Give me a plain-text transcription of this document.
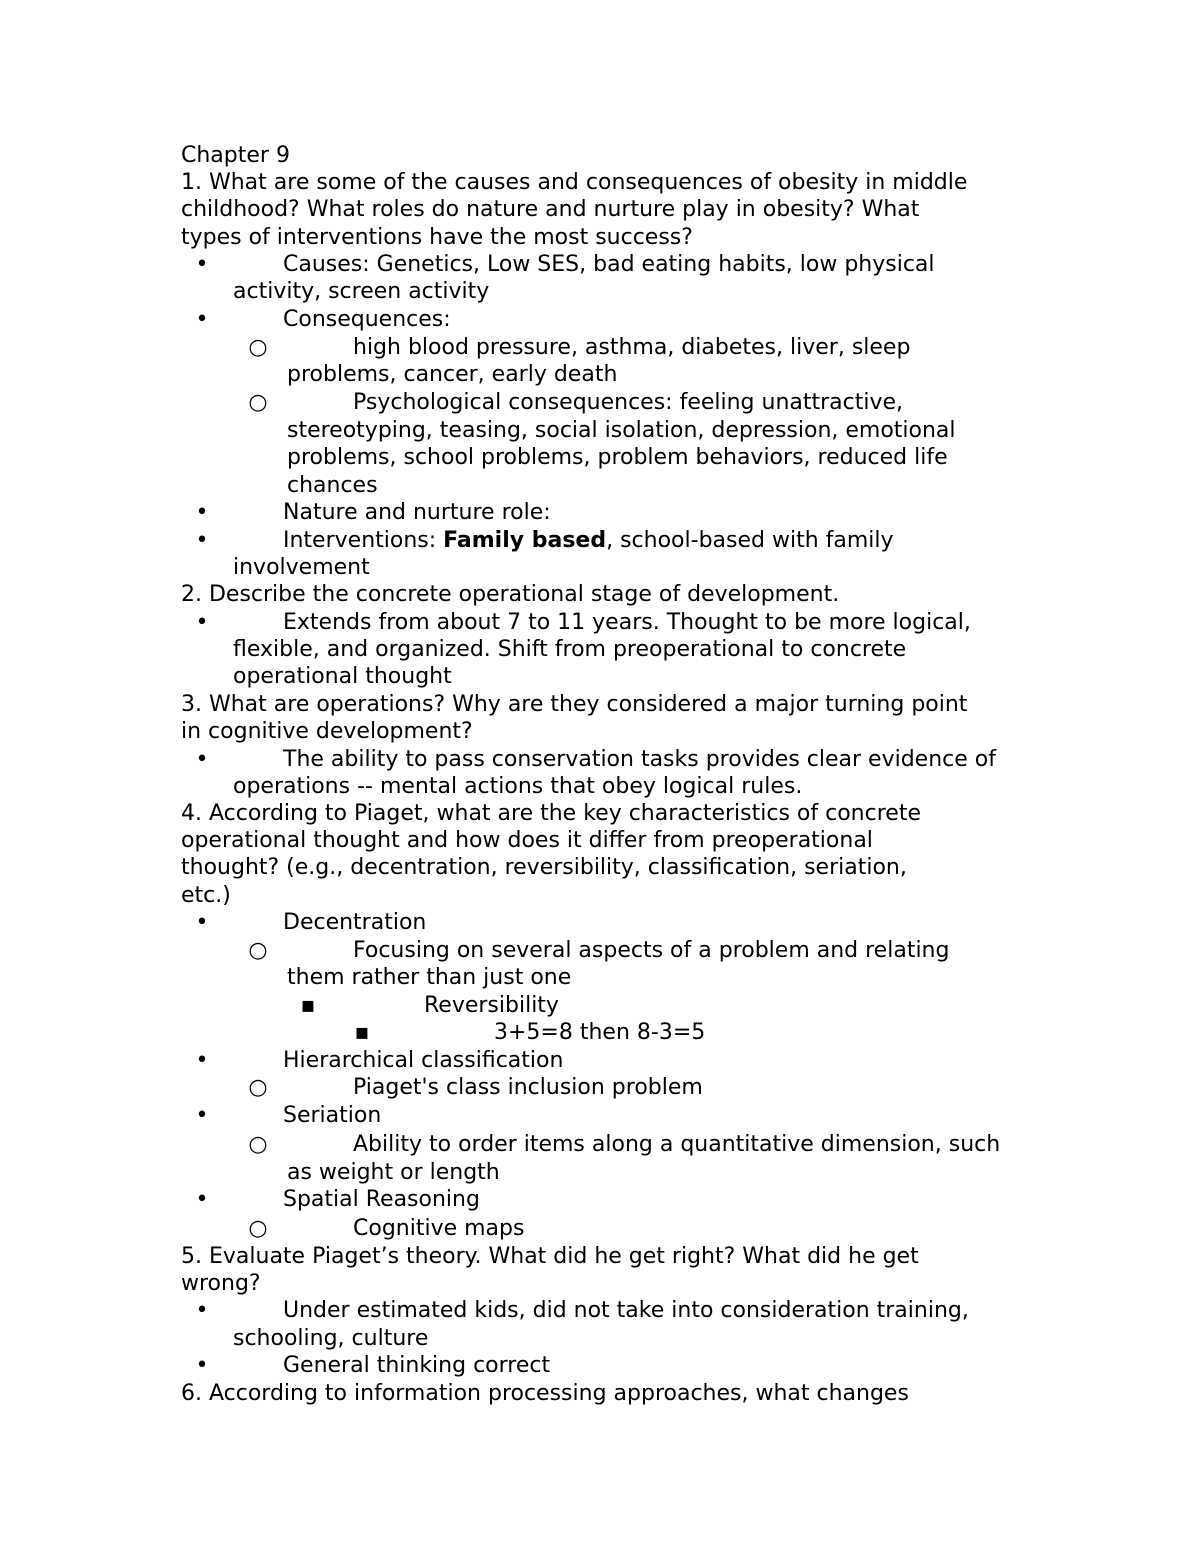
Chapter 9
1. What are some of the causes and consequences of obesity in middle
childhood? What roles do nature and nurture play in obesity? What
types of interventions have the most success?
•	Causes: Genetics, Low SES, bad eating habits, low physical
activity, screen activity
•	Consequences:
○	high blood pressure, asthma, diabetes, liver, sleep
problems, cancer, early death
○	Psychological consequences: feeling unattractive,
stereotyping, teasing, social isolation, depression, emotional
problems, school problems, problem behaviors, reduced life
chances
•	Nature and nurture role:
•	Interventions: Family based, school-based with family
involvement
2. Describe the concrete operational stage of development.
•	Extends from about 7 to 11 years. Thought to be more logical,
flexible, and organized. Shift from preoperational to concrete
operational thought
3. What are operations? Why are they considered a major turning point
in cognitive development?
•	The ability to pass conservation tasks provides clear evidence of
operations -- mental actions that obey logical rules.
4. According to Piaget, what are the key characteristics of concrete
operational thought and how does it differ from preoperational
thought? (e.g., decentration, reversibility, classification, seriation,
etc.)
•	Decentration
○	Focusing on several aspects of a problem and relating
them rather than just one
▪	Reversibility
▪	3+5=8 then 8-3=5
•	Hierarchical classification
○	Piaget's class inclusion problem
•	Seriation
○	Ability to order items along a quantitative dimension, such
as weight or length
•	Spatial Reasoning
○	Cognitive maps
5. Evaluate Piaget’s theory. What did he get right? What did he get
wrong?
•	Under estimated kids, did not take into consideration training,
schooling, culture
•	General thinking correct
6. According to information processing approaches, what changes
